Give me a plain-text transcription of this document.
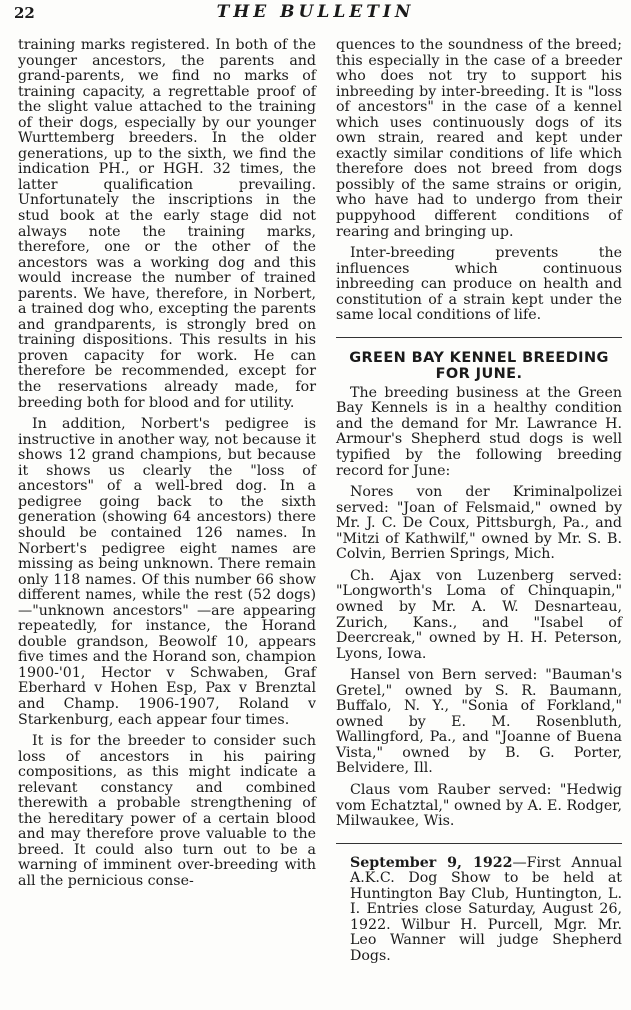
22	THE BULLETIN

training marks registered. In both of the younger ancestors, the parents and grand-parents, we find no marks of training capacity, a regrettable proof of the slight value attached to the training of their dogs, especially by our younger Wurttemberg breeders. In the older generations, up to the sixth, we find the indication PH., or HGH. 32 times, the latter qualification prevailing. Unfortunately the inscriptions in the stud book at the early stage did not always note the training marks, therefore, one or the other of the ancestors was a working dog and this would increase the number of trained parents. We have, therefore, in Norbert, a trained dog who, excepting the parents and grandparents, is strongly bred on training dispositions. This results in his proven capacity for work. He can therefore be recommended, except for the reservations already made, for breeding both for blood and for utility.

In addition, Norbert's pedigree is instructive in another way, not because it shows 12 grand champions, but because it shows us clearly the "loss of ancestors" of a well-bred dog. In a pedigree going back to the sixth generation (showing 64 ancestors) there should be contained 126 names. In Norbert's pedigree eight names are missing as being unknown. There remain only 118 names. Of this number 66 show different names, while the rest (52 dogs)—"unknown ancestors" —are appearing repeatedly, for instance, the Horand double grandson, Beowolf 10, appears five times and the Horand son, champion 1900-'01, Hector v Schwaben, Graf Eberhard v Hohen Esp, Pax v Brenztal and Champ. 1906-1907, Roland v Starkenburg, each appear four times.

It is for the breeder to consider such loss of ancestors in his pairing compositions, as this might indicate a relevant constancy and combined therewith a probable strengthening of the hereditary power of a certain blood and may therefore prove valuable to the breed. It could also turn out to be a warning of imminent over-breeding with all the pernicious conse-

quences to the soundness of the breed; this especially in the case of a breeder who does not try to support his inbreeding by inter-breeding. It is "loss of ancestors" in the case of a kennel which uses continuously dogs of its own strain, reared and kept under exactly similar conditions of life which therefore does not breed from dogs possibly of the same strains or origin, who have had to undergo from their puppyhood different conditions of rearing and bringing up.

Inter-breeding prevents the influences which continuous inbreeding can produce on health and constitution of a strain kept under the same local conditions of life.

GREEN BAY KENNEL BREEDING FOR JUNE.

The breeding business at the Green Bay Kennels is in a healthy condition and the demand for Mr. Lawrance H. Armour's Shepherd stud dogs is well typified by the following breeding record for June:

Nores von der Kriminalpolizei served: "Joan of Felsmaid," owned by Mr. J. C. De Coux, Pittsburgh, Pa., and "Mitzi of Kathwilf," owned by Mr. S. B. Colvin, Berrien Springs, Mich.

Ch. Ajax von Luzenberg served: "Longworth's Loma of Chinquapin," owned by Mr. A. W. Desnarteau, Zurich, Kans., and "Isabel of Deercreak," owned by H. H. Peterson, Lyons, Iowa.

Hansel von Bern served: "Bauman's Gretel," owned by S. R. Baumann, Buffalo, N. Y., "Sonia of Forkland," owned by E. M. Rosenbluth, Wallingford, Pa., and "Joanne of Buena Vista," owned by B. G. Porter, Belvidere, Ill.

Claus vom Rauber served: "Hedwig vom Echatztal," owned by A. E. Rodger, Milwaukee, Wis.

September 9, 1922—First Annual A.K.C. Dog Show to be held at Huntington Bay Club, Huntington, L. I. Entries close Saturday, August 26, 1922. Wilbur H. Purcell, Mgr. Mr. Leo Wanner will judge Shepherd Dogs.
